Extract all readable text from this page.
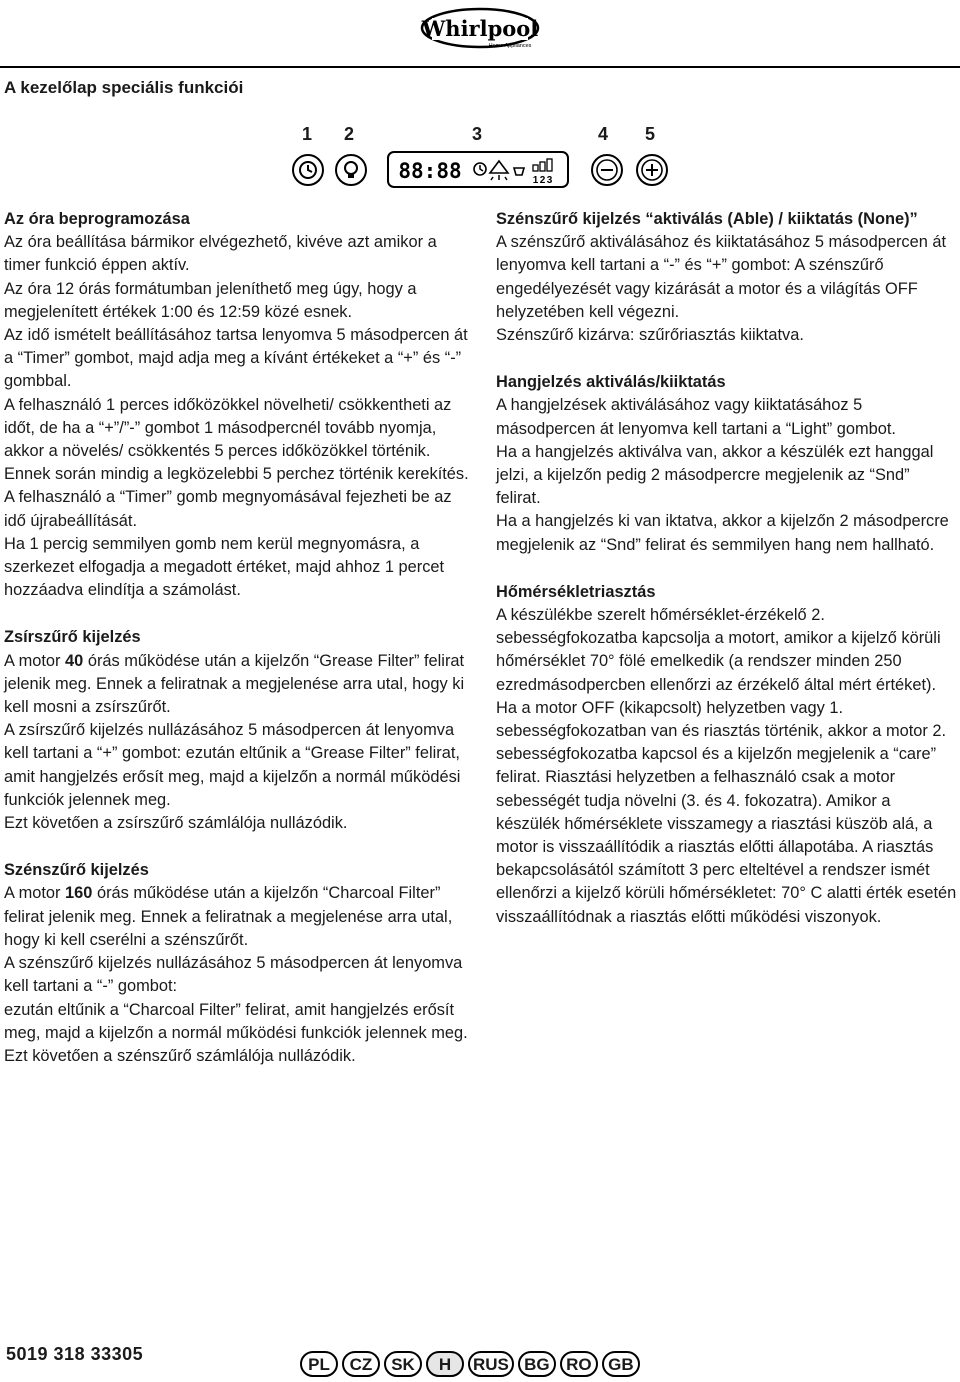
Whirlpool
Home Appliances
A kezelőlap speciális funkciói
1 2	3	4 5
88:88	1 2 3
Az óra beprogramozása

Az óra beállítása bármikor elvégezhető, kivéve azt amikor a timer funkció éppen aktív.

Az óra 12 órás formátumban jeleníthető meg úgy, hogy a megjelenített értékek 1:00 és 12:59 közé esnek.

Az idő ismételt beállításához tartsa lenyomva 5 másodpercen át a “Timer” gombot, majd adja meg a kívánt értékeket a “+” és “-” gombbal.

A felhasználó 1 perces időközökkel növelheti/ csökkentheti az időt, de ha a “+”/”-” gombot 1 másodpercnél tovább nyomja, akkor a növelés/ csökkentés 5 perces időközökkel történik. Ennek során mindig a legközelebbi 5 perchez történik kerekítés.

A felhasználó a “Timer” gomb megnyomásával fejezheti be az idő újrabeállítását.

Ha 1 percig semmilyen gomb nem kerül megnyomásra, a szerkezet elfogadja a megadott értéket, majd ahhoz 1 percet hozzáadva elindítja a számolást.

Zsírszűrő kijelzés

A motor 40 órás működése után a kijelzőn “Grease Filter” felirat jelenik meg. Ennek a feliratnak a megjelenése arra utal, hogy ki kell mosni a zsírszűrőt.

A zsírszűrő kijelzés nullázásához 5 másodpercen át lenyomva kell tartani a “+” gombot: ezután eltűnik a “Grease Filter” felirat, amit hangjelzés erősít meg, majd a kijelzőn a normál működési funkciók jelennek meg.

Ezt követően a zsírszűrő számlálója nullázódik.

Szénszűrő kijelzés

A motor 160 órás működése után a kijelzőn “Charcoal Filter” felirat jelenik meg. Ennek a feliratnak a megjelenése arra utal, hogy ki kell cserélni a szénszűrőt.

A szénszűrő kijelzés nullázásához 5 másodpercen át lenyomva kell tartani a “-” gombot:

ezután eltűnik a “Charcoal Filter” felirat, amit hangjelzés erősít meg, majd a kijelzőn a normál működési funkciók jelennek meg.

Ezt követően a szénszűrő számlálója nullázódik.

Szénszűrő kijelzés “aktiválás (Able) / kiiktatás (None)”

A szénszűrő aktiválásához és kiiktatásához 5 másodpercen át lenyomva kell tartani a “-” és “+” gombot: A szénszűrő engedélyezését vagy kizárását a motor és a világítás OFF helyzetében kell végezni.

Szénszűrő kizárva: szűrőriasztás kiiktatva.

Hangjelzés aktiválás/kiiktatás

A hangjelzések aktiválásához vagy kiiktatásához 5 másodpercen át lenyomva kell tartani a “Light” gombot.

Ha a hangjelzés aktiválva van, akkor a készülék ezt hanggal jelzi, a kijelzőn pedig 2 másodpercre megjelenik az “Snd” felirat.

Ha a hangjelzés ki van iktatva, akkor a kijelzőn 2 másodpercre megjelenik az “Snd” felirat és semmilyen hang nem hallható.

Hőmérsékletriasztás

A készülékbe szerelt hőmérséklet-érzékelő 2. sebességfokozatba kapcsolja a motort, amikor a kijelző körüli hőmérséklet 70° fölé emelkedik (a rendszer minden 250 ezredmásodpercben ellenőrzi az érzékelő által mért értéket).

Ha a motor OFF (kikapcsolt) helyzetben vagy 1. sebességfokozatban van és riasztás történik, akkor a motor 2. sebességfokozatba kapcsol és a kijelzőn megjelenik a “care” felirat. Riasztási helyzetben a felhasználó csak a motor sebességét tudja növelni (3. és 4. fokozatra). Amikor a készülék hőmérséklete visszamegy a riasztási küszöb alá, a motor is visszaállítódik a riasztás előtti állapotába. A riasztás bekapcsolásától számított 3 perc elteltével a rendszer ismét ellenőrzi a kijelző körüli hőmérsékletet: 70° C alatti érték esetén visszaállítódnak a riasztás előtti működési viszonyok.

5019 318 33305
PL	CZ	SK	H	RUS BG RO GB
